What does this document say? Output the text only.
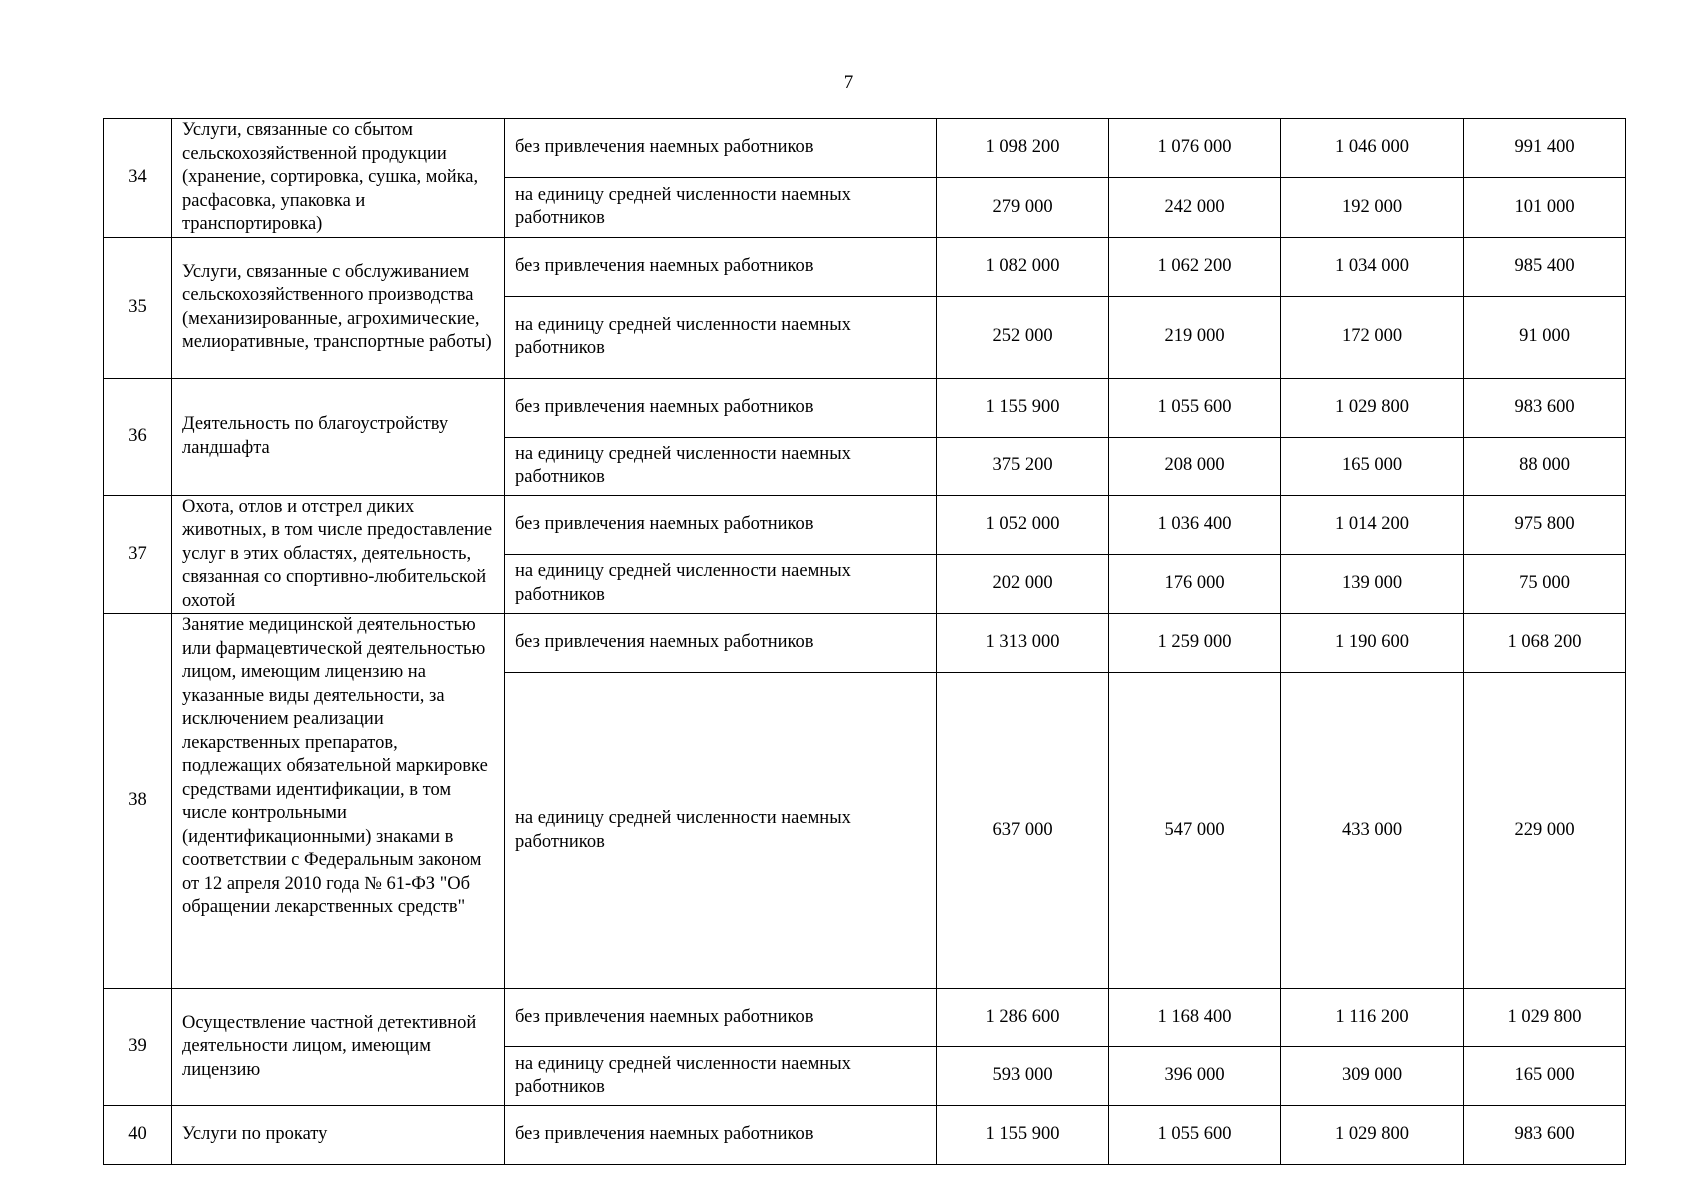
7
34	Услуги, связанные со сбытом сельскохозяйственной продукции (хранение, сортировка, сушка, мойка, расфасовка, упаковка и транспортировка)	без привлечения наемных работников	1 098 200	1 076 000	1 046 000	991 400
		на единицу средней численности наемных работников	279 000	242 000	192 000	101 000
35	Услуги, связанные с обслуживанием сельскохозяйственного производства (механизированные, агрохимические, мелиоративные, транспортные работы)	без привлечения наемных работников	1 082 000	1 062 200	1 034 000	985 400
		на единицу средней численности наемных работников	252 000	219 000	172 000	91 000
36	Деятельность по благоустройству ландшафта	без привлечения наемных работников	1 155 900	1 055 600	1 029 800	983 600
		на единицу средней численности наемных работников	375 200	208 000	165 000	88 000
37	Охота, отлов и отстрел диких животных, в том числе предоставление услуг в этих областях, деятельность, связанная со спортивно-любительской охотой	без привлечения наемных работников	1 052 000	1 036 400	1 014 200	975 800
		на единицу средней численности наемных работников	202 000	176 000	139 000	75 000
38	Занятие медицинской деятельностью или фармацевтической деятельностью лицом, имеющим лицензию на указанные виды деятельности, за исключением реализации лекарственных препаратов, подлежащих обязательной маркировке средствами идентификации, в том числе контрольными (идентификационными) знаками в соответствии с Федеральным законом от 12 апреля 2010 года № 61-ФЗ "Об обращении лекарственных средств"	без привлечения наемных работников	1 313 000	1 259 000	1 190 600	1 068 200
		на единицу средней численности наемных работников	637 000	547 000	433 000	229 000
39	Осуществление частной детективной деятельности лицом, имеющим лицензию	без привлечения наемных работников	1 286 600	1 168 400	1 116 200	1 029 800
		на единицу средней численности наемных работников	593 000	396 000	309 000	165 000
40	Услуги по прокату	без привлечения наемных работников	1 155 900	1 055 600	1 029 800	983 600
